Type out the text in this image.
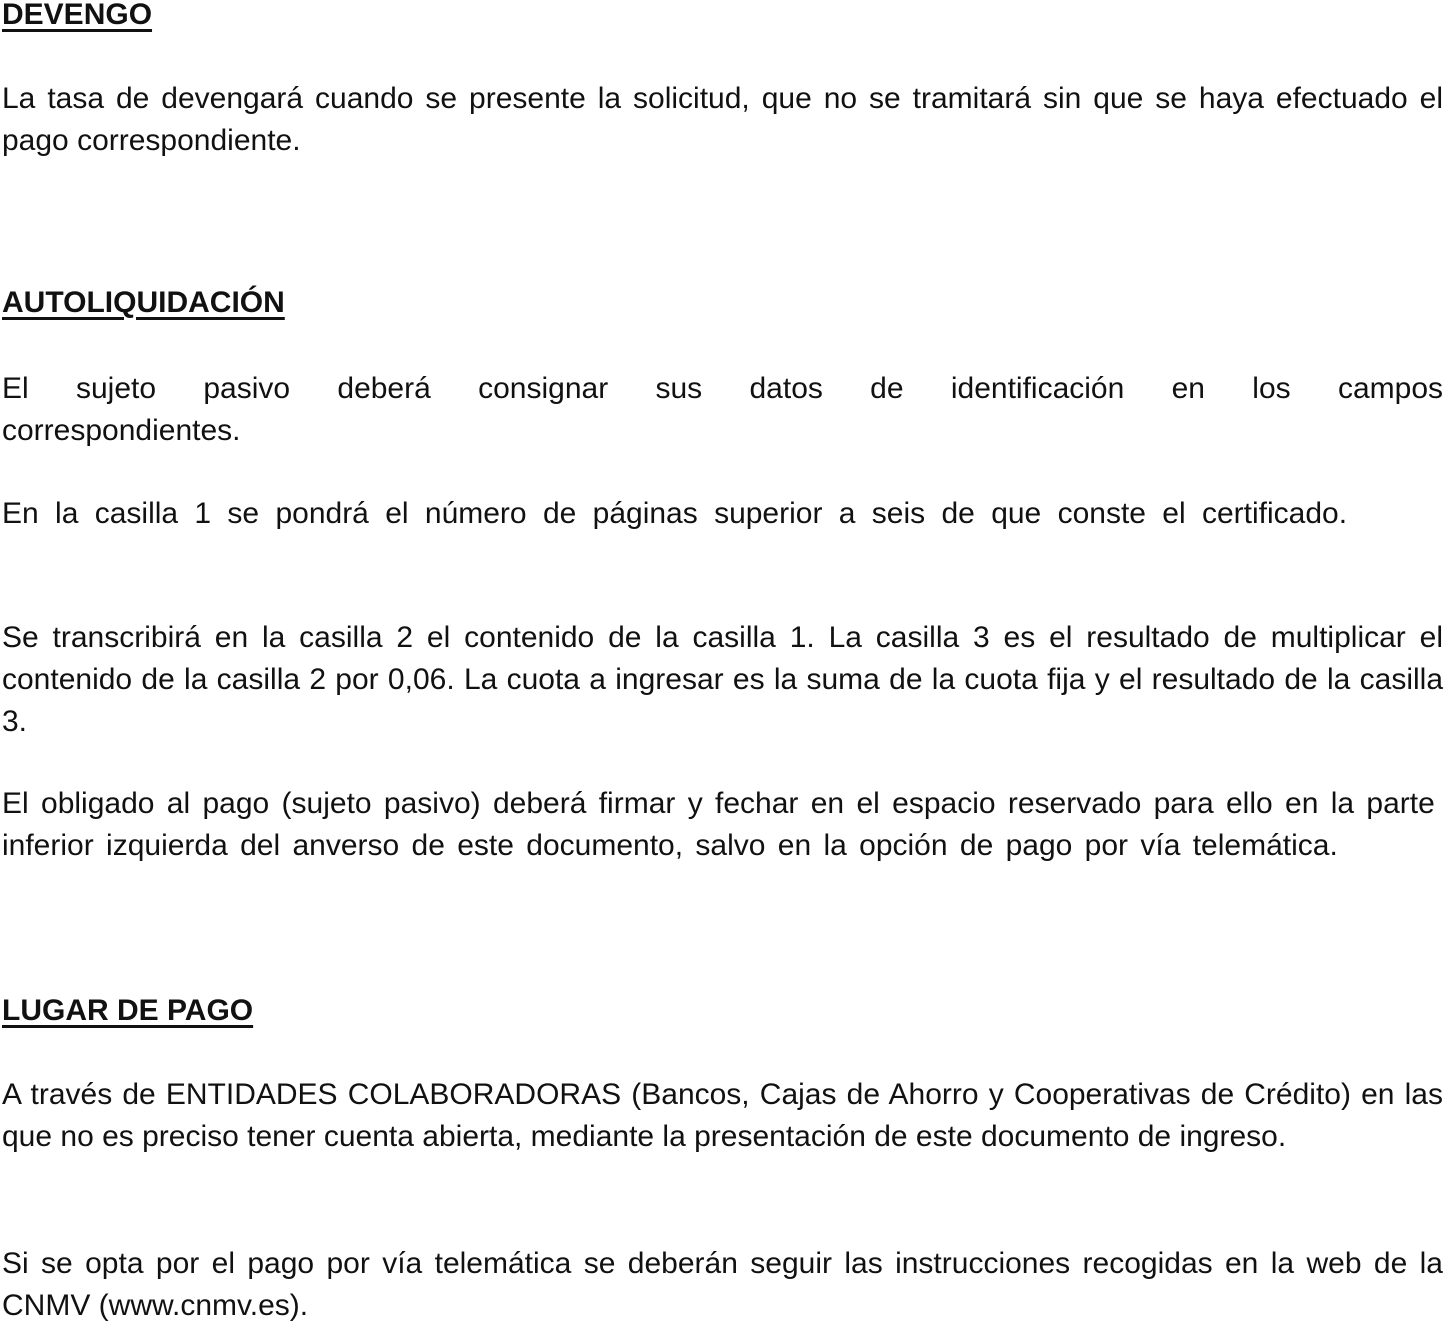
DEVENGO

La tasa de devengará cuando se presente la solicitud, que no se tramitará sin que se haya efectuado el pago correspondiente.

AUTOLIQUIDACIÓN

El sujeto pasivo deberá consignar sus datos de identificación en los campos correspondientes.

En la casilla 1 se pondrá el número de páginas superior a seis de que conste el certificado.

Se transcribirá en la casilla 2 el contenido de la casilla 1. La casilla 3 es el resultado de multiplicar el contenido de la casilla 2 por 0,06. La cuota a ingresar es la suma de la cuota fija y el resultado de la casilla 3.

El obligado al pago (sujeto pasivo) deberá firmar y fechar en el espacio reservado para ello en la parte inferior izquierda del anverso de este documento, salvo en la opción de pago por vía telemática.

LUGAR DE PAGO

A través de ENTIDADES COLABORADORAS (Bancos, Cajas de Ahorro y Cooperativas de Crédito) en las que no es preciso tener cuenta abierta, mediante la presentación de este documento de ingreso.

Si se opta por el pago por vía telemática se deberán seguir las instrucciones recogidas en la web de la CNMV (www.cnmv.es).
